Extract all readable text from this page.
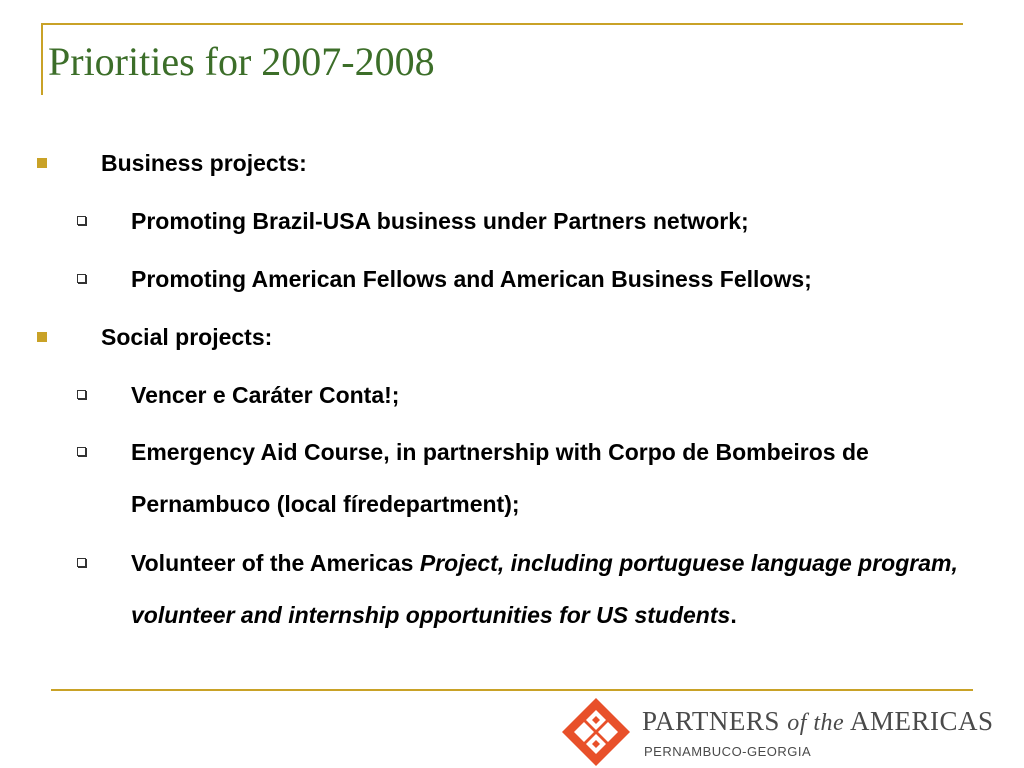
Priorities for 2007-2008
Business projects:
Promoting Brazil-USA business under Partners network;
Promoting American Fellows and American Business Fellows;
Social projects:
Vencer e Caráter Conta!;
Emergency Aid Course, in partnership with Corpo de Bombeiros de Pernambuco (local fíredepartment);
Volunteer of the Americas Project, including portuguese language program, volunteer and internship opportunities for US students.
PARTNERS of the AMERICAS
PERNAMBUCO-GEORGIA
